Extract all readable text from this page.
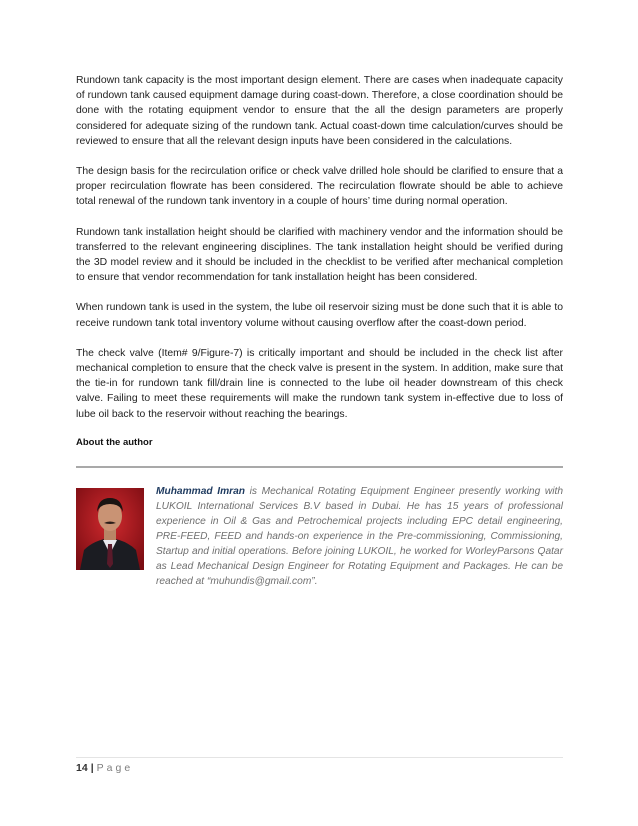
Rundown tank capacity is the most important design element. There are cases when inadequate capacity of rundown tank caused equipment damage during coast-down. Therefore, a close coordination should be done with the rotating equipment vendor to ensure that the all the design parameters are properly considered for adequate sizing of the rundown tank. Actual coast-down time calculation/curves should be reviewed to ensure that all the relevant design inputs have been considered in the calculations.

The design basis for the recirculation orifice or check valve drilled hole should be clarified to ensure that a proper recirculation flowrate has been considered. The recirculation flowrate should be able to achieve total renewal of the rundown tank inventory in a couple of hours’ time during normal operation.

Rundown tank installation height should be clarified with machinery vendor and the information should be transferred to the relevant engineering disciplines. The tank installation height should be verified during the 3D model review and it should be included in the checklist to be verified after mechanical completion to ensure that vendor recommendation for tank installation height has been considered.

When rundown tank is used in the system, the lube oil reservoir sizing must be done such that it is able to receive rundown tank total inventory volume without causing overflow after the coast-down period.

The check valve (Item# 9/Figure-7) is critically important and should be included in the check list after mechanical completion to ensure that the check valve is present in the system. In addition, make sure that the tie-in for rundown tank fill/drain line is connected to the lube oil header downstream of this check valve. Failing to meet these requirements will make the rundown tank system in-effective due to loss of lube oil back to the reservoir without reaching the bearings.

About the author
Muhammad Imran is Mechanical Rotating Equipment Engineer presently working with LUKOIL International Services B.V based in Dubai. He has 15 years of professional experience in Oil & Gas and Petrochemical projects including EPC detail engineering, PRE-FEED, FEED and hands-on experience in the Pre-commissioning, Commissioning, Startup and initial operations. Before joining LUKOIL, he worked for WorleyParsons Qatar as Lead Mechanical Design Engineer for Rotating Equipment and Packages. He can be reached at “muhundis@gmail.com”.
14 | Page
